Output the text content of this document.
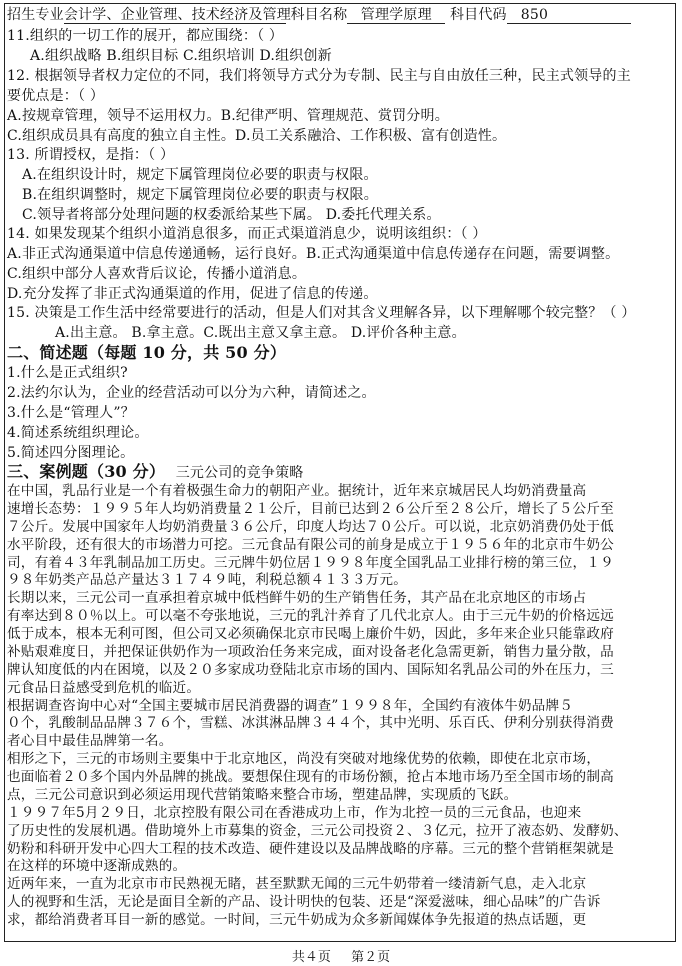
招生专业会计学、企业管理、技术经济及管理 科目名称 管理学原理 科目代码 850
11.组织的一切工作的展开，都应围绕：（ ）
A.组织战略 B.组织目标 C.组织培训 D.组织创新
12. 根据领导者权力定位的不同，我们将领导方式分为专制、民主与自由放任三种，民主式领导的主
要优点是：（ ）
A.按规章管理，领导不运用权力。B.纪律严明、管理规范、赏罚分明。
C.组织成员具有高度的独立自主性。D.员工关系融洽、工作积极、富有创造性。
13. 所谓授权，是指：（ ）
A.在组织设计时，规定下属管理岗位必要的职责与权限。
B.在组织调整时，规定下属管理岗位必要的职责与权限。
C.领导者将部分处理问题的权委派给某些下属。 D.委托代理关系。
14. 如果发现某个组织小道消息很多，而正式渠道消息少，说明该组织：（ ）
A.非正式沟通渠道中信息传递通畅，运行良好。B.正式沟通渠道中信息传递存在问题，需要调整。
C.组织中部分人喜欢背后议论，传播小道消息。
D.充分发挥了非正式沟通渠道的作用，促进了信息的传递。
15. 决策是工作生活中经常要进行的活动，但是人们对其含义理解各异，以下理解哪个较完整？（ ）
A.出主意。 B.拿主意。C.既出主意又拿主意。 D.评价各种主意。
二、简述题（每题 10 分，共 50 分）
1.什么是正式组织?
2.法约尔认为，企业的经营活动可以分为六种，请简述之。
3.什么是“管理人”？
4.简述系统组织理论。
5.简述四分图理论。
三、案例题（30 分） 三元公司的竞争策略
在中国，乳品行业是一个有着极强生命力的朝阳产业。据统计，近年来京城居民人均奶消费量高
速增长态势：１９９５年人均奶消费量２１公斤，目前已达到２６公斤至２８公斤，增长了５公斤至
７公斤。发展中国家年人均奶消费量３６公斤，印度人均达７０公斤。可以说，北京奶消费仍处于低
水平阶段，还有很大的市场潜力可挖。三元食品有限公司的前身是成立于１９５６年的北京市牛奶公
司，有着４３年乳制品加工历史。三元牌牛奶位居１９９８年度全国乳品工业排行榜的第三位，１９
９８年奶类产品总产量达３１７４９吨，利税总额４１３３万元。
长期以来，三元公司一直承担着京城中低档鲜牛奶的生产销售任务，其产品在北京地区的市场占
有率达到８０％以上。可以毫不夸张地说，三元的乳汁养育了几代北京人。由于三元牛奶的价格远远
低于成本，根本无利可图，但公司又必须确保北京市民喝上廉价牛奶，因此，多年来企业只能靠政府
补贴艰难度日，并把保证供奶作为一项政治任务来完成，面对设备老化急需更新，销售力量分散，品
牌认知度低的内在困境，以及２０多家成功登陆北京市场的国内、国际知名乳品公司的外在压力，三
元食品日益感受到危机的临近。
根据调查咨询中心对“全国主要城市居民消费器的调查”１９９８年，全国约有液体牛奶品牌５
０个，乳酸制品品牌３７６个，雪糕、冰淇淋品牌３４４个，其中光明、乐百氏、伊利分别获得消费
者心目中最佳品牌第一名。
相形之下，三元的市场则主要集中于北京地区，尚没有突破对地缘优势的依赖，即使在北京市场，
也面临着２０多个国内外品牌的挑战。要想保住现有的市场份额，抢占本地市场乃至全国市场的制高
点，三元公司意识到必须运用现代营销策略来整合市场，塑建品牌，实现质的飞跃。
１９９７年5月２９日，北京控股有限公司在香港成功上市，作为北控一员的三元食品，也迎来
了历史性的发展机遇。借助境外上市募集的资金，三元公司投资２、３亿元，拉开了液态奶、发酵奶、
奶粉和科研开发中心四大工程的技术改造、硬件建设以及品牌战略的序幕。三元的整个营销框架就是
在这样的环境中逐渐成熟的。
近两年来，一直为北京市市民熟视无睹，甚至默默无闻的三元牛奶带着一缕清新气息，走入北京
人的视野和生活，无论是面目全新的产品、设计明快的包装、还是“深爱滋味，细心品味”的广告诉
求，都给消费者耳目一新的感觉。一时间，三元牛奶成为众多新闻媒体争先报道的热点话题，更
共４页 第２页
